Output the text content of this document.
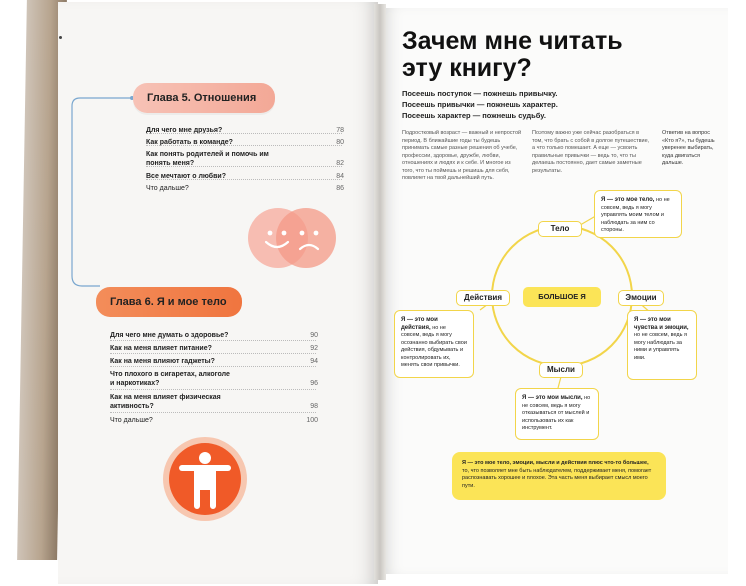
Глава 5. Отношения
Для чего мне друзья?	78
Как работать в команде?	80
Как понять родителей и помочь им понять меня?	82
Все мечтают о любви?	84
Что дальше?	86
Глава 6. Я и мое тело
Для чего мне думать о здоровье?	90
Как на меня влияет питание?	92
Как на меня влияют гаджеты?	94
Что плохого в сигаретах, алкоголе и наркотиках?	96
Как на меня влияет физическая активность?	98
Что дальше?	100
Зачем мне читать
эту книгу?
Посеешь поступок — пожнешь привычку.
Посеешь привычки — пожнешь характер.
Посеешь характер — пожнешь судьбу.
Подростковый возраст — важный и непростой период. В ближайшие годы ты будешь принимать самые разные решения об учебе, профессии, здоровье, дружбе, любви, отношениях и людях и к себе. И многое из того, что ты поймешь и решишь для себя, повлияет на твой дальнейший путь.
Поэтому важно уже сейчас разобраться в том, что брать с собой в долгое путешествие, а что только помешает. А еще — усвоить правильные привычки — ведь то, что ты делаешь постоянно, дает самые заметные результаты.
Ответив на вопрос «Кто я?», ты будешь уверенее выбирать, куда двигаться дальше.
Тело
Действия	Эмоции
Мысли
БОЛЬШОЕ Я
Я — это мое тело, но не совсем, ведь я могу управлять моим телом и наблюдать за ним со стороны.
Я — это мои действия, но не совсем, ведь я могу осознанно выбирать свои действия, обдумывать и контролировать их, менять свои привычки.
Я — это мои чувства и эмоции, но не совсем, ведь я могу наблюдать за ними и управлять ими.
Я — это мои мысли, но не совсем, ведь я могу отказываться от мыслей и использовать их как инструмент.
Я — это мое тело, эмоции, мысли и действия плюс что-то большее, то, что позволяет мне быть наблюдателем, поддерживает меня, помогает распознавать хорошее и плохое. Эта часть меня выбирает смысл моего пути.
